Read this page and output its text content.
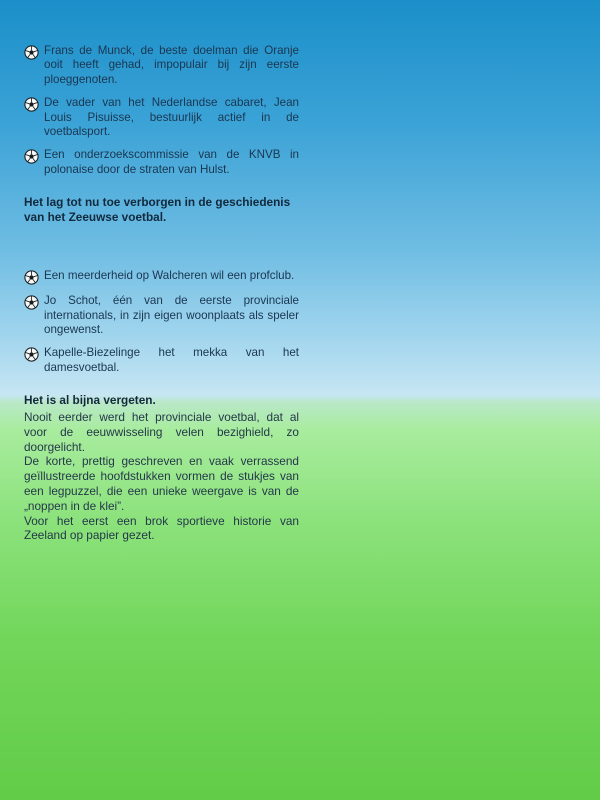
Frans de Munck, de beste doelman die Oranje ooit heeft gehad, impopulair bij zijn eerste ploeggenoten.
De vader van het Nederlandse cabaret, Jean Louis Pisuisse, bestuurlijk actief in de voetbalsport.
Een onderzoekscommissie van de KNVB in polonaise door de straten van Hulst.
Het lag tot nu toe verborgen in de geschiedenis van het Zeeuwse voetbal.
Een meerderheid op Walcheren wil een profclub.
Jo Schot, één van de eerste provinciale internationals, in zijn eigen woonplaats als speler ongewenst.
Kapelle-Biezelinge het mekka van het damesvoetbal.
Het is al bijna vergeten.

Nooit eerder werd het provinciale voetbal, dat al voor de eeuwwisseling velen bezighield, zo doorgelicht.

De korte, prettig geschreven en vaak verrassend geïllustreerde hoofdstukken vormen de stukjes van een legpuzzel, die een unieke weergave is van de „noppen in de klei”.

Voor het eerst een brok sportieve historie van Zeeland op papier gezet.
